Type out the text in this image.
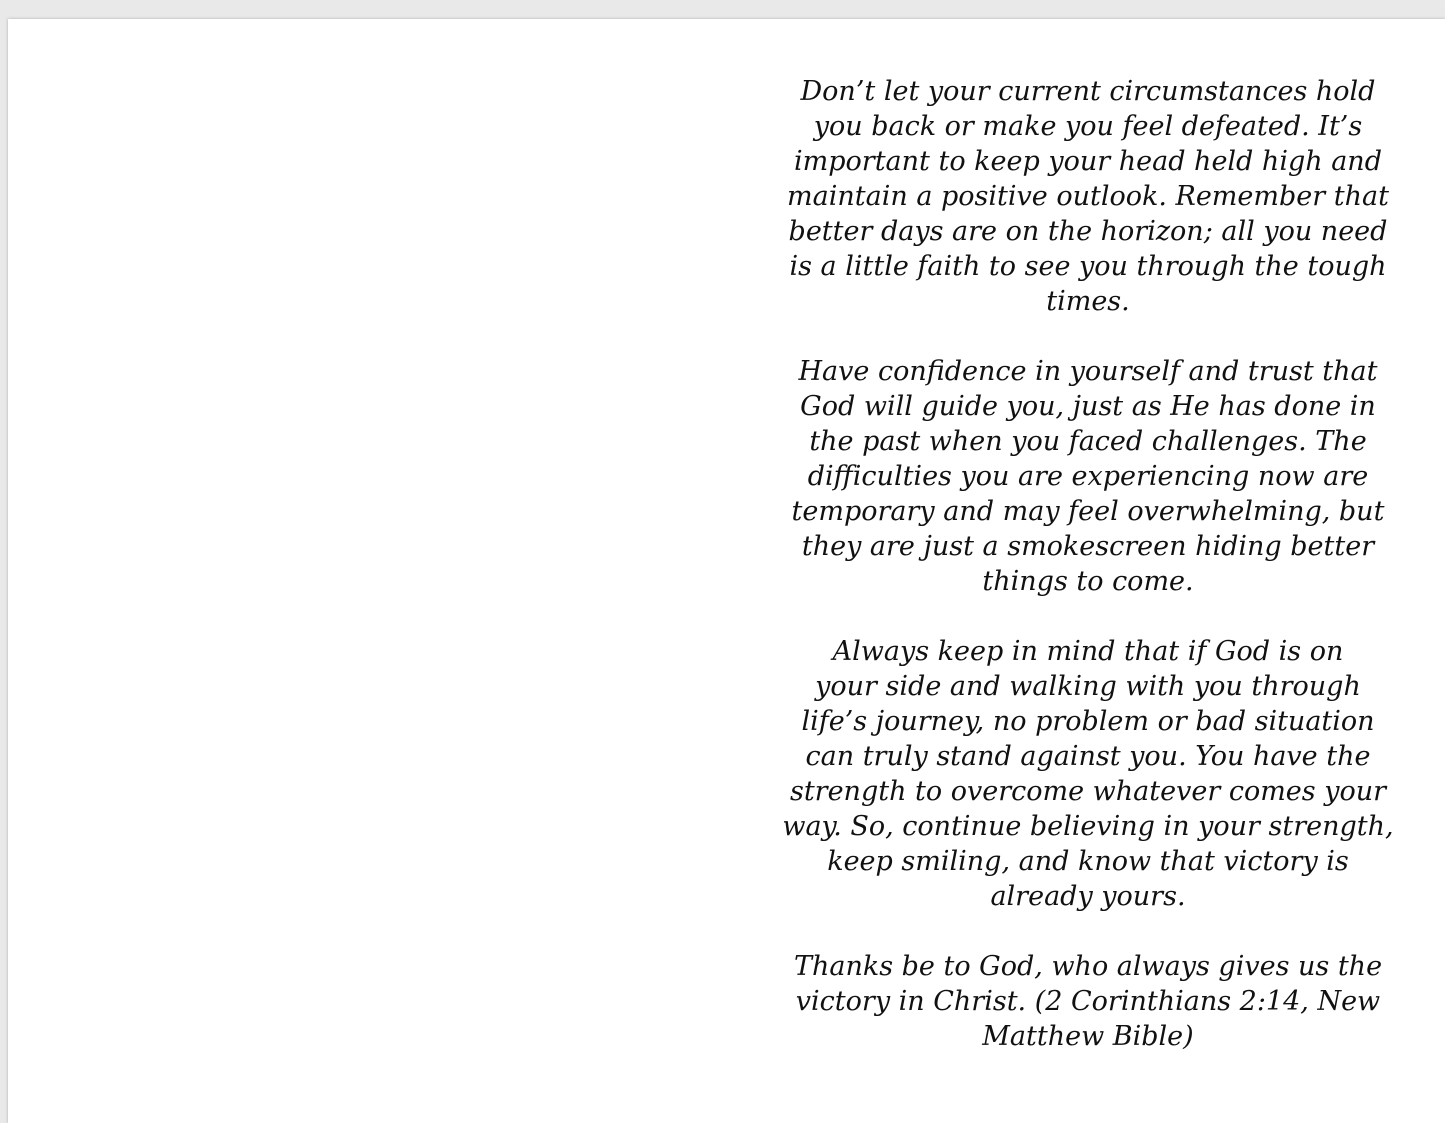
Don’t let your current circumstances hold
you back or make you feel defeated. It’s
important to keep your head held high and
maintain a positive outlook. Remember that
better days are on the horizon; all you need
is a little faith to see you through the tough
times.

Have confidence in yourself and trust that
God will guide you, just as He has done in
the past when you faced challenges. The
difficulties you are experiencing now are
temporary and may feel overwhelming, but
they are just a smokescreen hiding better
things to come.

Always keep in mind that if God is on
your side and walking with you through
life’s journey, no problem or bad situation
can truly stand against you. You have the
strength to overcome whatever comes your
way. So, continue believing in your strength,
keep smiling, and know that victory is
already yours.

Thanks be to God, who always gives us the
victory in Christ. (2 Corinthians 2:14, New
Matthew Bible)
